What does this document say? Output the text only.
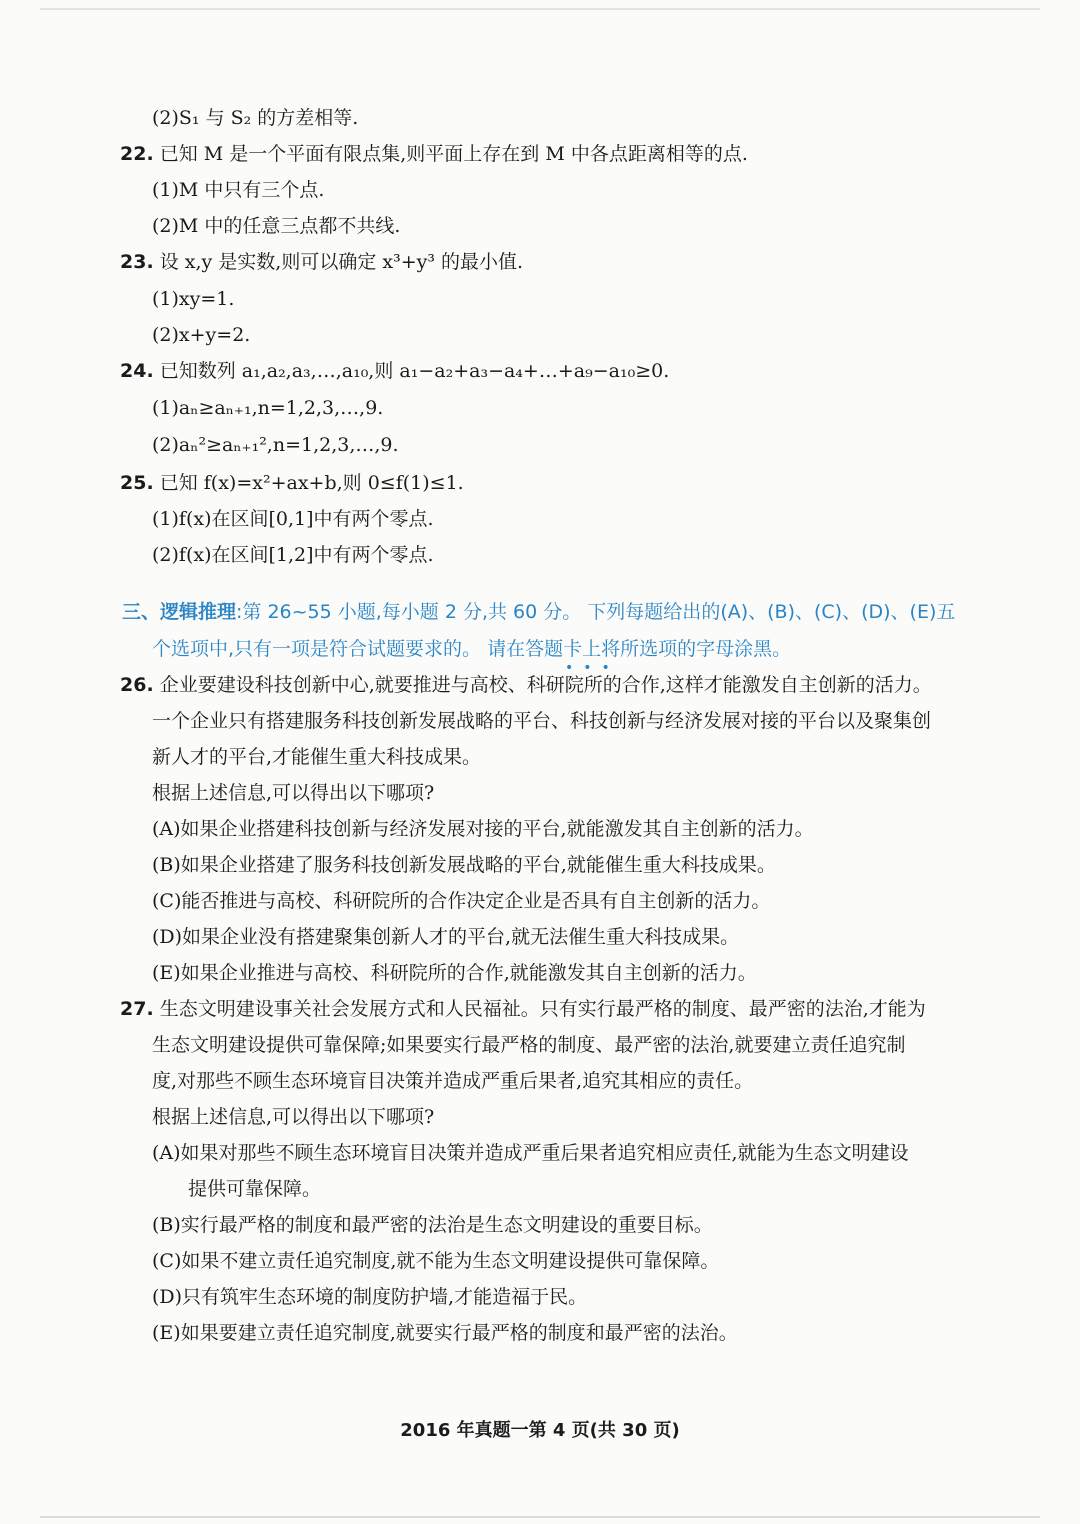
(2)S₁ 与 S₂ 的方差相等.
22. 已知 M 是一个平面有限点集,则平面上存在到 M 中各点距离相等的点.
(1)M 中只有三个点.
(2)M 中的任意三点都不共线.
23. 设 x,y 是实数,则可以确定 x³+y³ 的最小值.
(1)xy=1.
(2)x+y=2.
24. 已知数列 a₁,a₂,a₃,…,a₁₀,则 a₁−a₂+a₃−a₄+…+a₉−a₁₀≥0.
(1)aₙ≥aₙ₊₁,n=1,2,3,…,9.
(2)aₙ²≥aₙ₊₁²,n=1,2,3,…,9.
25. 已知 f(x)=x²+ax+b,则 0≤f(1)≤1.
(1)f(x)在区间[0,1]中有两个零点.
(2)f(x)在区间[1,2]中有两个零点.
三、逻辑推理:第 26~55 小题,每小题 2 分,共 60 分。 下列每题给出的(A)、(B)、(C)、(D)、(E)五
个选项中,只有一项是符合试题要求的。 请在答题卡上将所选项的字母涂黑。
•••
26. 企业要建设科技创新中心,就要推进与高校、科研院所的合作,这样才能激发自主创新的活力。
一个企业只有搭建服务科技创新发展战略的平台、科技创新与经济发展对接的平台以及聚集创
新人才的平台,才能催生重大科技成果。
根据上述信息,可以得出以下哪项?
(A)如果企业搭建科技创新与经济发展对接的平台,就能激发其自主创新的活力。
(B)如果企业搭建了服务科技创新发展战略的平台,就能催生重大科技成果。
(C)能否推进与高校、科研院所的合作决定企业是否具有自主创新的活力。
(D)如果企业没有搭建聚集创新人才的平台,就无法催生重大科技成果。
(E)如果企业推进与高校、科研院所的合作,就能激发其自主创新的活力。
27. 生态文明建设事关社会发展方式和人民福祉。只有实行最严格的制度、最严密的法治,才能为
生态文明建设提供可靠保障;如果要实行最严格的制度、最严密的法治,就要建立责任追究制
度,对那些不顾生态环境盲目决策并造成严重后果者,追究其相应的责任。
根据上述信息,可以得出以下哪项?
(A)如果对那些不顾生态环境盲目决策并造成严重后果者追究相应责任,就能为生态文明建设
提供可靠保障。
(B)实行最严格的制度和最严密的法治是生态文明建设的重要目标。
(C)如果不建立责任追究制度,就不能为生态文明建设提供可靠保障。
(D)只有筑牢生态环境的制度防护墙,才能造福于民。
(E)如果要建立责任追究制度,就要实行最严格的制度和最严密的法治。
2016 年真题一第 4 页(共 30 页)
